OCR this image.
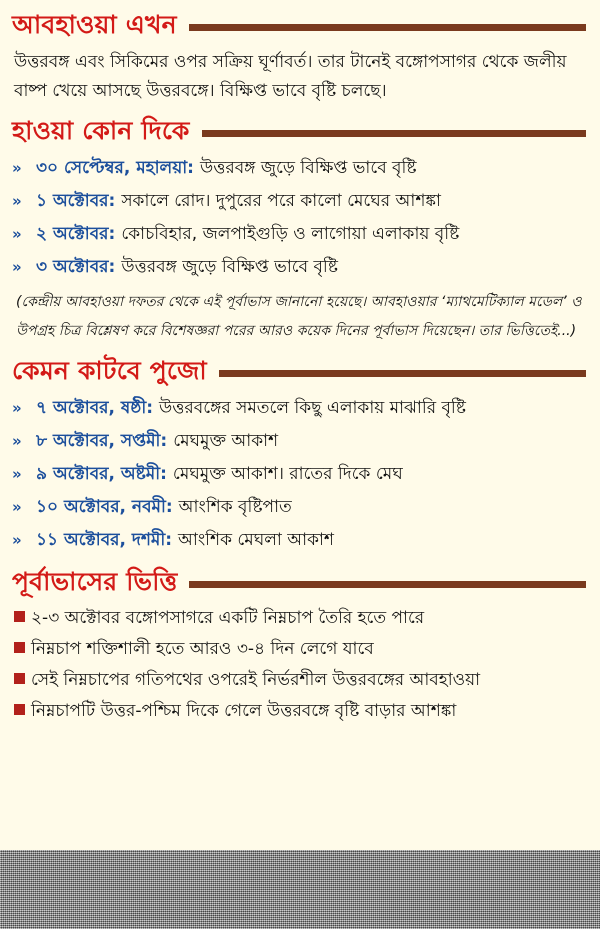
আবহাওয়া এখন
উত্তরবঙ্গ এবং সিকিমের ওপর সক্রিয় ঘূর্ণাবর্ত। তার টানেই বঙ্গোপসাগর থেকে জলীয় বাষ্প খেয়ে আসছে উত্তরবঙ্গে। বিক্ষিপ্ত ভাবে বৃষ্টি চলছে।
হাওয়া কোন দিকে
»	৩০ সেপ্টেম্বর, মহালয়া : উত্তরবঙ্গ জুড়ে বিক্ষিপ্ত ভাবে বৃষ্টি
»	১ অক্টোবর : সকালে রোদ। দুপুরের পরে কালো মেঘের আশঙ্কা
»	২ অক্টোবর : কোচবিহার, জলপাইগুড়ি ও লাগোয়া এলাকায় বৃষ্টি
»	৩ অক্টোবর : উত্তরবঙ্গ জুড়ে বিক্ষিপ্ত ভাবে বৃষ্টি
(কেন্দ্রীয় আবহাওয়া দফতর থেকে এই পূর্বাভাস জানানো হয়েছে। আবহাওয়ার ‘ম্যাথমেটিক্যাল মডেল’ ও উপগ্রহ চিত্র বিশ্লেষণ করে বিশেষজ্ঞরা পরের আরও কয়েক দিনের পূর্বাভাস দিয়েছেন। তার ভিত্তিতেই...)
কেমন কাটবে পুজো
»	৭ অক্টোবর, ষষ্ঠী : উত্তরবঙ্গের সমতলে কিছু এলাকায় মাঝারি বৃষ্টি
»	৮ অক্টোবর, সপ্তমী : মেঘমুক্ত আকাশ
»	৯ অক্টোবর, অষ্টমী : মেঘমুক্ত আকাশ। রাতের দিকে মেঘ
»	১০ অক্টোবর, নবমী : আংশিক বৃষ্টিপাত
»	১১ অক্টোবর, দশমী : আংশিক মেঘলা আকাশ
পূর্বাভাসের ভিত্তি
২-৩ অক্টোবর বঙ্গোপসাগরে একটি নিম্নচাপ তৈরি হতে পারে
নিম্নচাপ শক্তিশালী হতে আরও ৩-৪ দিন লেগে যাবে
সেই নিম্নচাপের গতিপথের ওপরেই নির্ভরশীল উত্তরবঙ্গের আবহাওয়া
নিম্নচাপটি উত্তর-পশ্চিম দিকে গেলে উত্তরবঙ্গে বৃষ্টি বাড়ার আশঙ্কা
